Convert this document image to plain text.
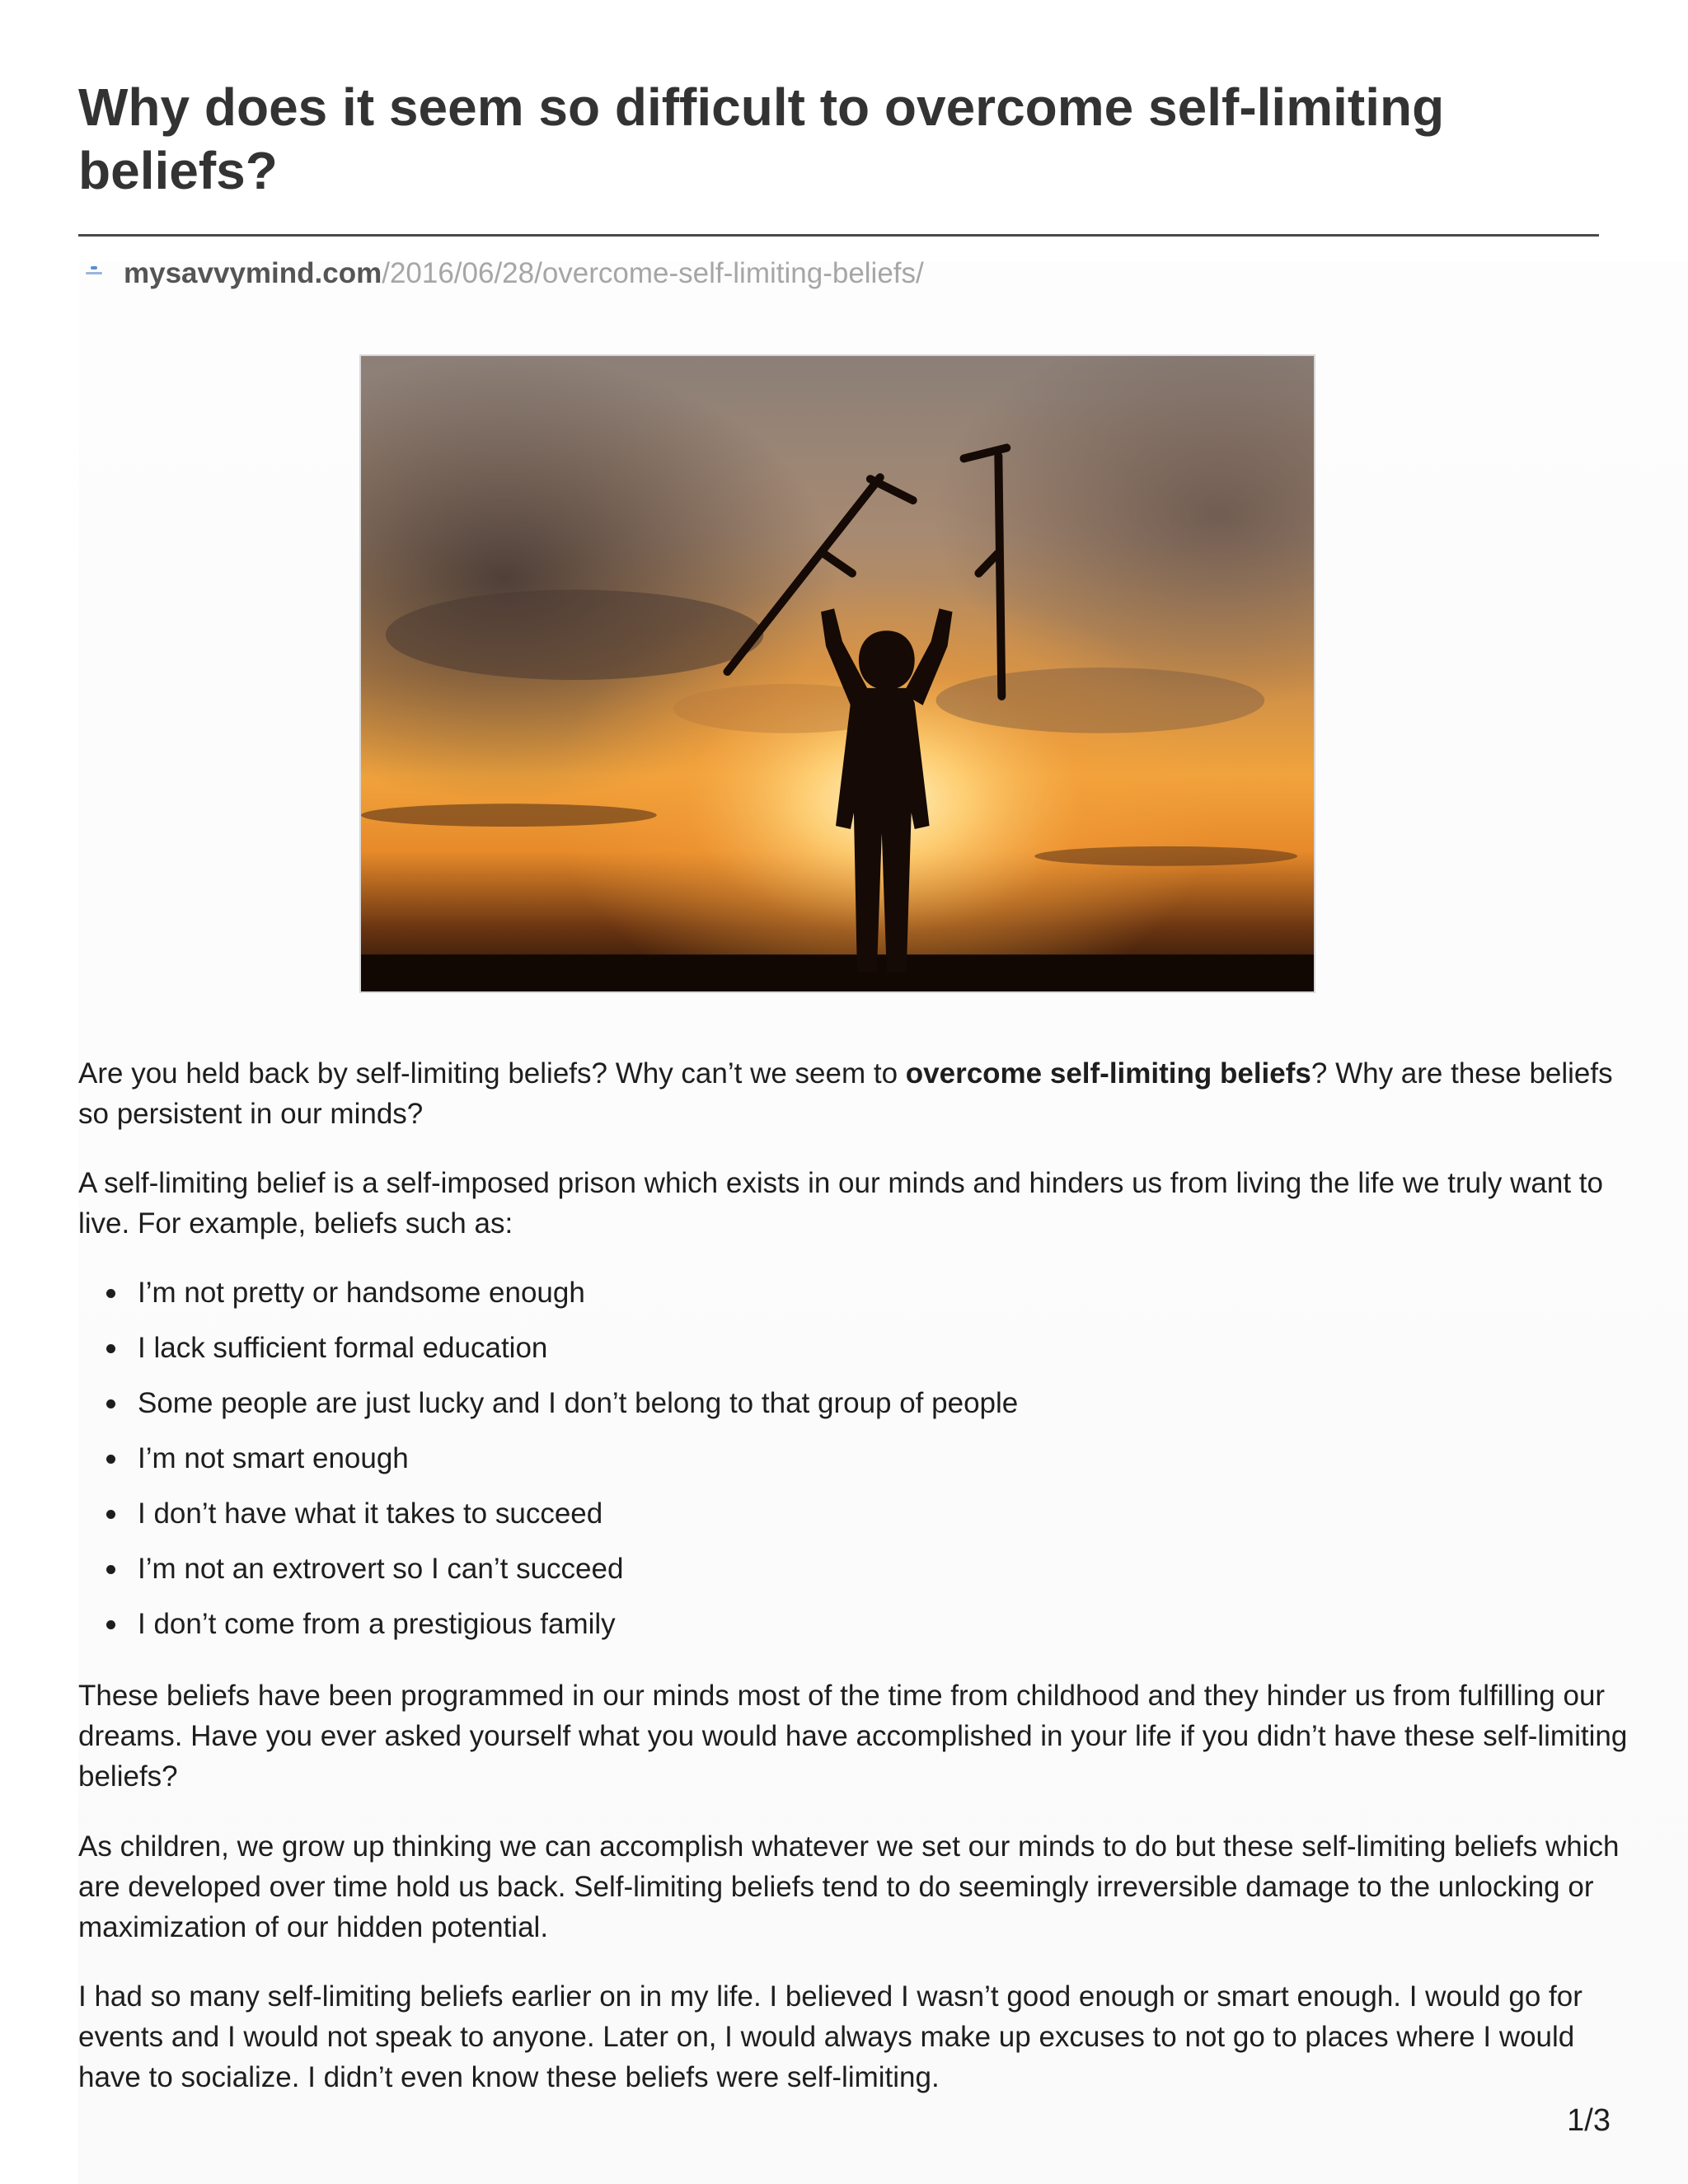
Why does it seem so difficult to overcome self-limiting beliefs?
mysavvymind.com /2016/06/28/overcome-self-limiting-beliefs/

Are you held back by self-limiting beliefs? Why can’t we seem to overcome self-limiting beliefs? Why are these beliefs so persistent in our minds?

A self-limiting belief is a self-imposed prison which exists in our minds and hinders us from living the life we truly want to live. For example, beliefs such as:

I’m not pretty or handsome enough
I lack sufficient formal education
Some people are just lucky and I don’t belong to that group of people
I’m not smart enough
I don’t have what it takes to succeed
I’m not an extrovert so I can’t succeed
I don’t come from a prestigious family

These beliefs have been programmed in our minds most of the time from childhood and they hinder us from fulfilling our dreams. Have you ever asked yourself what you would have accomplished in your life if you didn’t have these self-limiting beliefs?

As children, we grow up thinking we can accomplish whatever we set our minds to do but these self-limiting beliefs which are developed over time hold us back. Self-limiting beliefs tend to do seemingly irreversible damage to the unlocking or maximization of our hidden potential.

I had so many self-limiting beliefs earlier on in my life. I believed I wasn’t good enough or smart enough. I would go for events and I would not speak to anyone. Later on, I would always make up excuses to not go to places where I would have to socialize. I didn’t even know these beliefs were self-limiting.

1/3
